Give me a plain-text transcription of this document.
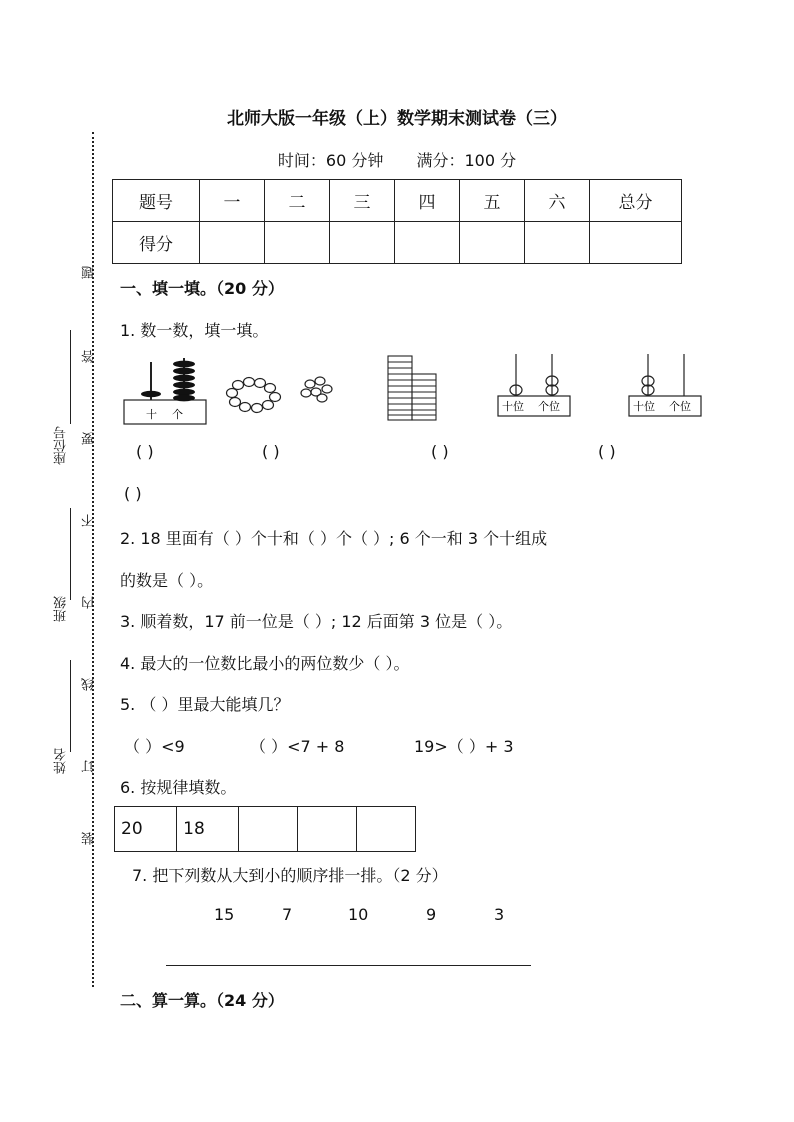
题
答
要
不
内
线
订
装
座位号
班级
姓名
北师大版一年级（上）数学期末测试卷（三）
时间：60 分钟 满分：100 分
题号	一	二	三	四	五	六	总分
得分							
一、填一填。（20 分）
1. 数一数，填一填。
十 个
十位 个位	十位 个位
( )	( )	( )	( )
( )
2. 18 里面有（ ）个十和（ ）个（ ）; 6 个一和 3 个十组成
的数是（ ）。
3. 顺着数，17 前一位是（ ）; 12 后面第 3 位是（ ）。
4. 最大的一位数比最小的两位数少（ ）。
5. （ ）里最大能填几？
（ ）<9	（ ）<7 + 8	19>（ ）+ 3
6. 按规律填数。
20	18			
7. 把下列数从大到小的顺序排一排。（2 分）
15	7	10	9	3
二、算一算。（24 分）
